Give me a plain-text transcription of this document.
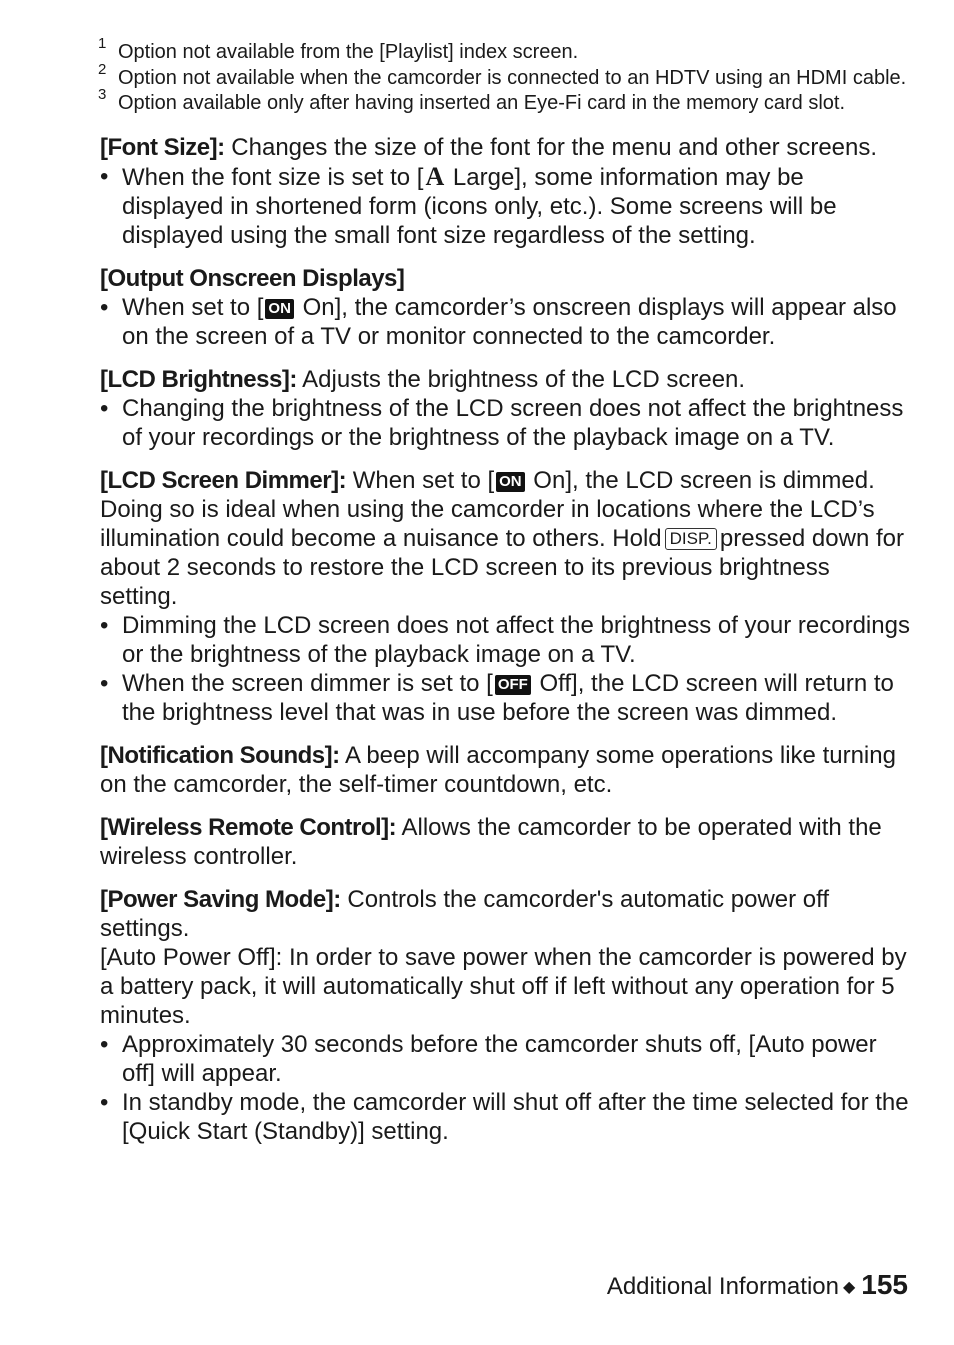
1 Option not available from the [Playlist] index screen.
2 Option not available when the camcorder is connected to an HDTV using an HDMI cable.
3 Option available only after having inserted an Eye-Fi card in the memory card slot.
[Font Size]: Changes the size of the font for the menu and other screens.
• When the font size is set to [A Large], some information may be displayed in shortened form (icons only, etc.). Some screens will be displayed using the small font size regardless of the setting.
[Output Onscreen Displays]
• When set to [ ON On], the camcorder’s onscreen displays will appear also on the screen of a TV or monitor connected to the camcorder.
[LCD Brightness]: Adjusts the brightness of the LCD screen.
• Changing the brightness of the LCD screen does not affect the brightness of your recordings or the brightness of the playback image on a TV.
[LCD Screen Dimmer]: When set to [ ON On], the LCD screen is dimmed. Doing so is ideal when using the camcorder in locations where the LCD’s illumination could become a nuisance to others. Hold DISP. pressed down for about 2 seconds to restore the LCD screen to its previous brightness setting.
• Dimming the LCD screen does not affect the brightness of your recordings or the brightness of the playback image on a TV.
• When the screen dimmer is set to [ OFF Off], the LCD screen will return to the brightness level that was in use before the screen was dimmed.
[Notification Sounds]: A beep will accompany some operations like turning on the camcorder, the self-timer countdown, etc.
[Wireless Remote Control]: Allows the camcorder to be operated with the wireless controller.
[Power Saving Mode]: Controls the camcorder's automatic power off settings.
[Auto Power Off]: In order to save power when the camcorder is powered by a battery pack, it will automatically shut off if left without any operation for 5 minutes.
• Approximately 30 seconds before the camcorder shuts off, [Auto power off] will appear.
• In standby mode, the camcorder will shut off after the time selected for the [Quick Start (Standby)] setting.
Additional Information ◆ 155
